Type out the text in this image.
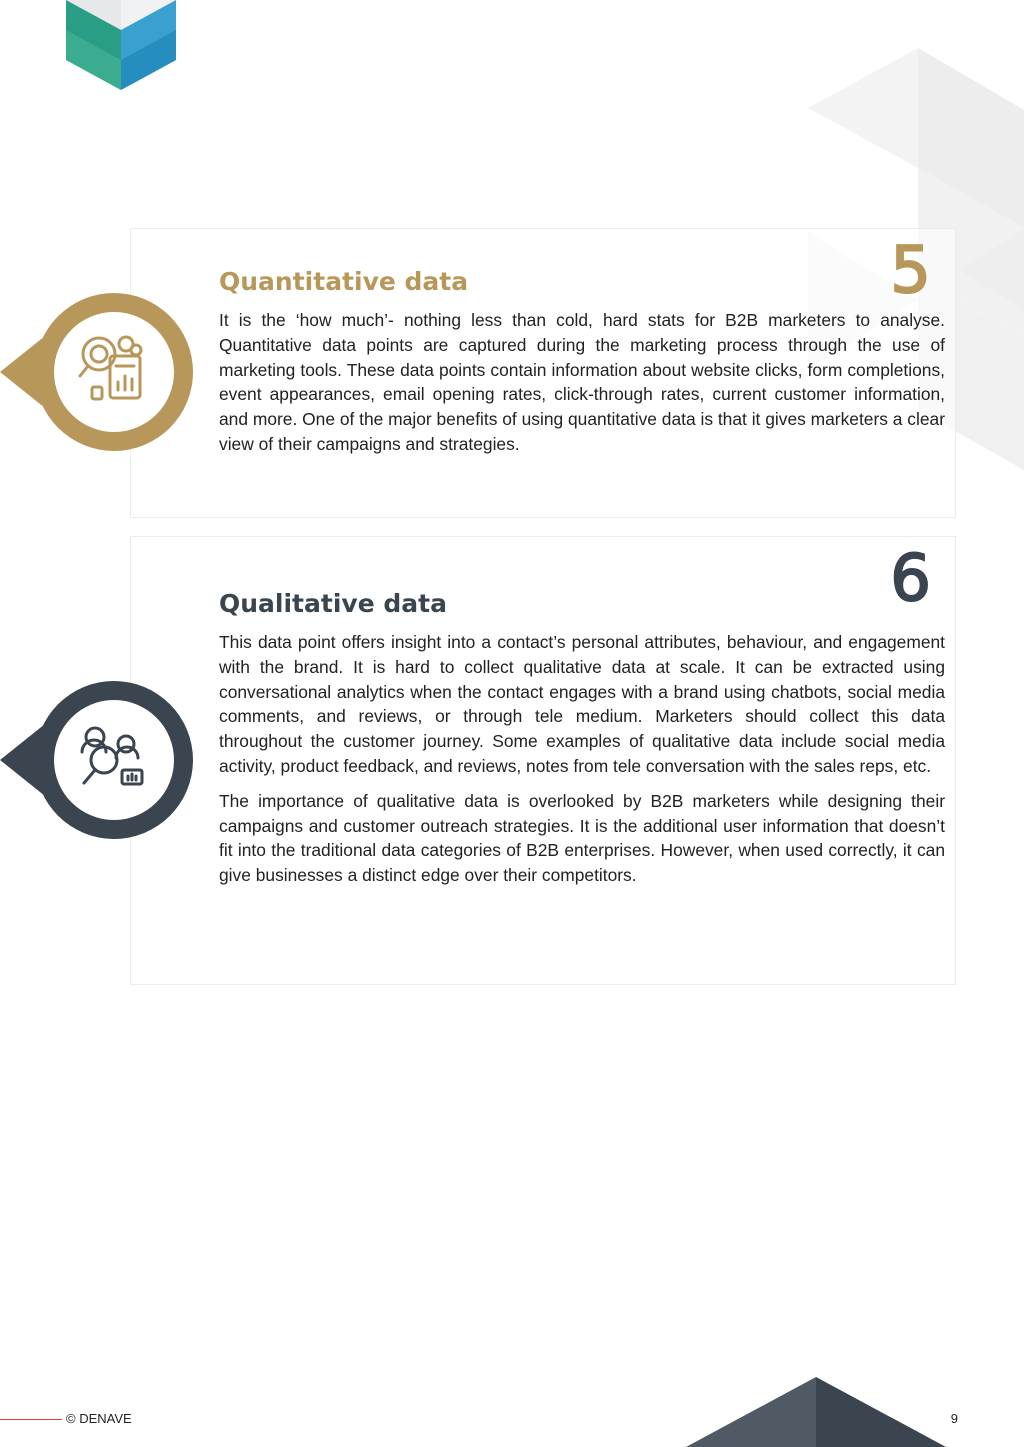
5
Quantitative data

It is the ‘how much’- nothing less than cold, hard stats for B2B marketers to analyse. Quantitative data points are captured during the marketing process through the use of marketing tools. These data points contain information about website clicks, form completions, event appearances, email opening rates, click-through rates, current customer information, and more. One of the major benefits of using quantitative data is that it gives marketers a clear view of their campaigns and strategies.

6
Qualitative data

This data point offers insight into a contact’s personal attributes, behaviour, and engagement with the brand. It is hard to collect qualitative data at scale. It can be extracted using conversational analytics when the contact engages with a brand using chatbots, social media comments, and reviews, or through tele medium. Marketers should collect this data throughout the customer journey. Some examples of qualitative data include social media activity, product feedback, and reviews, notes from tele conversation with the sales reps, etc.

The importance of qualitative data is overlooked by B2B marketers while designing their campaigns and customer outreach strategies. It is the additional user information that doesn’t fit into the traditional data categories of B2B enterprises. However, when used correctly, it can give businesses a distinct edge over their competitors.

© DENAVE	9
